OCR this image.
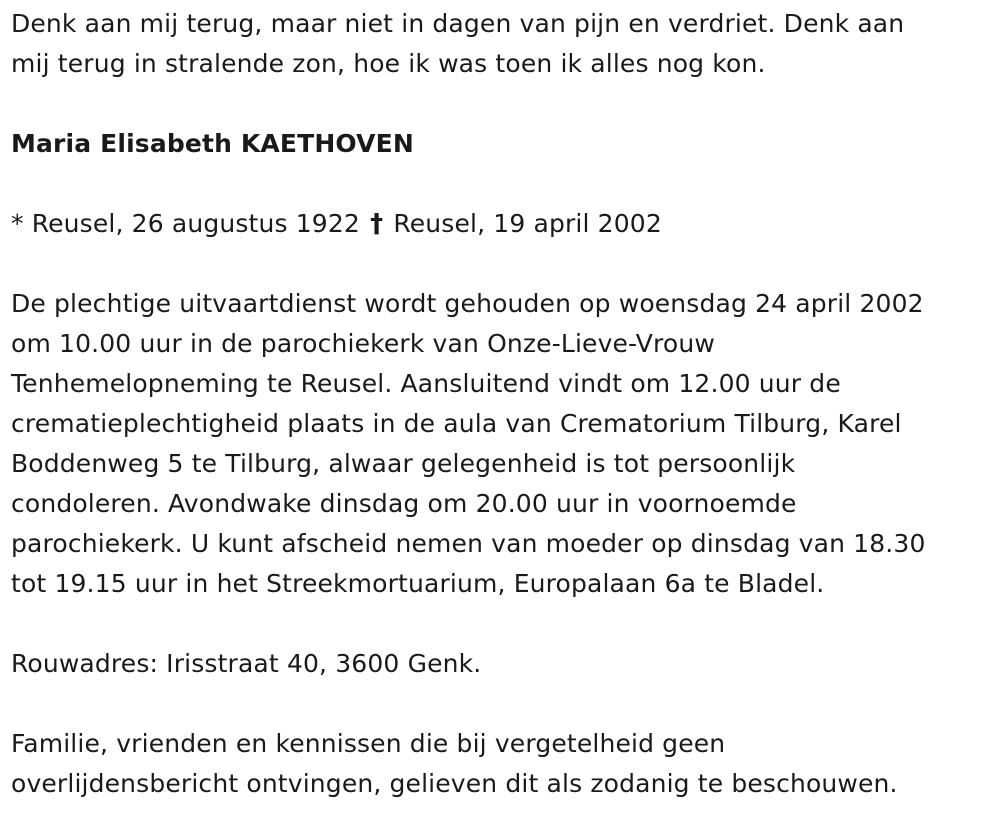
Denk aan mij terug, maar niet in dagen van pijn en verdriet. Denk aan
mij terug in stralende zon, hoe ik was toen ik alles nog kon.

Maria Elisabeth KAETHOVEN

* Reusel, 26 augustus 1922 † Reusel, 19 april 2002

De plechtige uitvaartdienst wordt gehouden op woensdag 24 april 2002
om 10.00 uur in de parochiekerk van Onze-Lieve-Vrouw
Tenhemelopneming te Reusel. Aansluitend vindt om 12.00 uur de
crematieplechtigheid plaats in de aula van Crematorium Tilburg, Karel
Boddenweg 5 te Tilburg, alwaar gelegenheid is tot persoonlijk
condoleren. Avondwake dinsdag om 20.00 uur in voornoemde
parochiekerk. U kunt afscheid nemen van moeder op dinsdag van 18.30
tot 19.15 uur in het Streekmortuarium, Europalaan 6a te Bladel.

Rouwadres: Irisstraat 40, 3600 Genk.

Familie, vrienden en kennissen die bij vergetelheid geen
overlijdensbericht ontvingen, gelieven dit als zodanig te beschouwen.
